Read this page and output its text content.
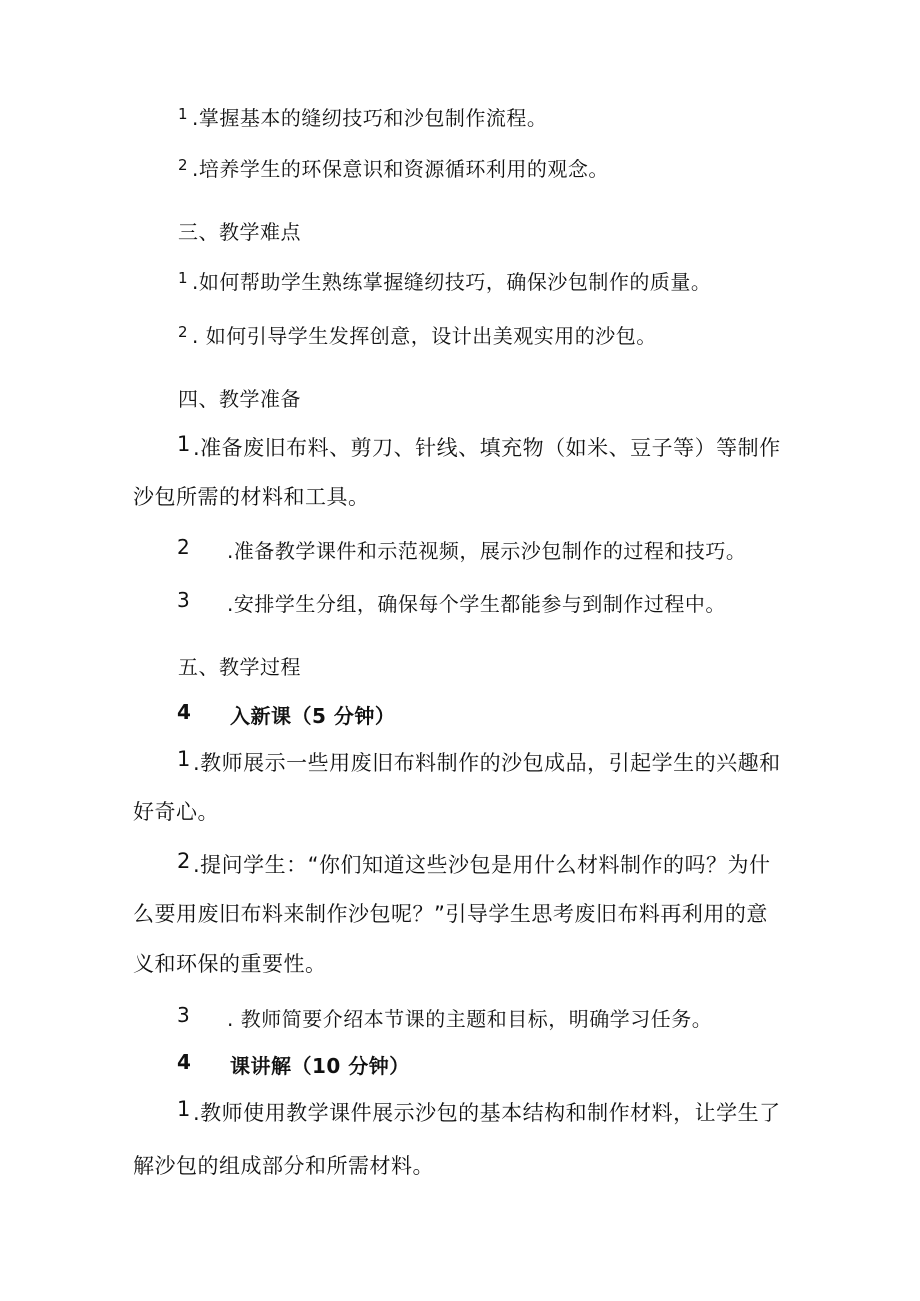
1 .掌握基本的缝纫技巧和沙包制作流程。
2 .培养学生的环保意识和资源循环利用的观念。
三、教学难点
1 .如何帮助学生熟练掌握缝纫技巧，确保沙包制作的质量。
2 . 如何引导学生发挥创意，设计出美观实用的沙包。
四、教学准备
1 .准备废旧布料、剪刀、针线、填充物（如米、豆子等）等制作
沙包所需的材料和工具。
2 .准备教学课件和示范视频，展示沙包制作的过程和技巧。
3 .安排学生分组，确保每个学生都能参与到制作过程中。
五、教学过程
4 入新课（5 分钟）
1 .教师展示一些用废旧布料制作的沙包成品，引起学生的兴趣和
好奇心。
2 .提问学生：“你们知道这些沙包是用什么材料制作的吗？为什
么要用废旧布料来制作沙包呢？”引导学生思考废旧布料再利用的意
义和环保的重要性。
3 . 教师简要介绍本节课的主题和目标，明确学习任务。
4 课讲解（10 分钟）
1 .教师使用教学课件展示沙包的基本结构和制作材料，让学生了
解沙包的组成部分和所需材料。
